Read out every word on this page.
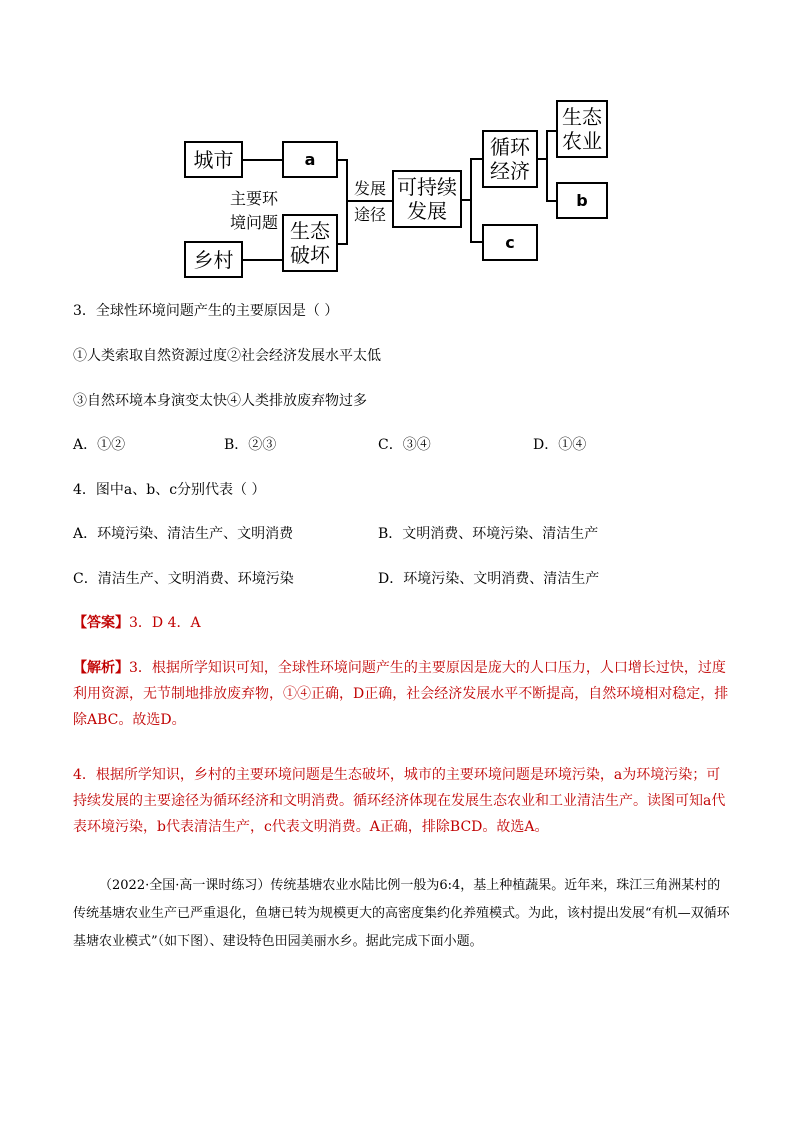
城市
乡村
a
生态
破坏
主要环
境问题
发展
途径
可持续
发展
循环
经济
c
生态
农业
b
3．全球性环境问题产生的主要原因是（ ）
①人类索取自然资源过度②社会经济发展水平太低
③自然环境本身演变太快④人类排放废弃物过多
A．①②	B．②③	C．③④	D．①④
4．图中a、b、c分别代表（ ）
A．环境污染、清洁生产、文明消费	B．文明消费、环境污染、清洁生产
C．清洁生产、文明消费、环境污染	D．环境污染、文明消费、清洁生产
【答案】3．D 4．A
【解析】3．根据所学知识可知，全球性环境问题产生的主要原因是庞大的人口压力，人口增长过快，过度利用资源，无节制地排放废弃物，①④正确，D正确，社会经济发展水平不断提高，自然环境相对稳定，排除ABC。故选D。
4．根据所学知识，乡村的主要环境问题是生态破坏，城市的主要环境问题是环境污染，a为环境污染；可持续发展的主要途径为循环经济和文明消费。循环经济体现在发展生态农业和工业清洁生产。读图可知a代表环境污染，b代表清洁生产，c代表文明消费。A正确，排除BCD。故选A。
（2022·全国·高一课时练习）传统基塘农业水陆比例一般为6:4，基上种植蔬果。近年来，珠江三角洲某村的传统基塘农业生产已严重退化，鱼塘已转为规模更大的高密度集约化养殖模式。为此，该村提出发展“有机—双循环基塘农业模式”（如下图）、建设特色田园美丽水乡。据此完成下面小题。
